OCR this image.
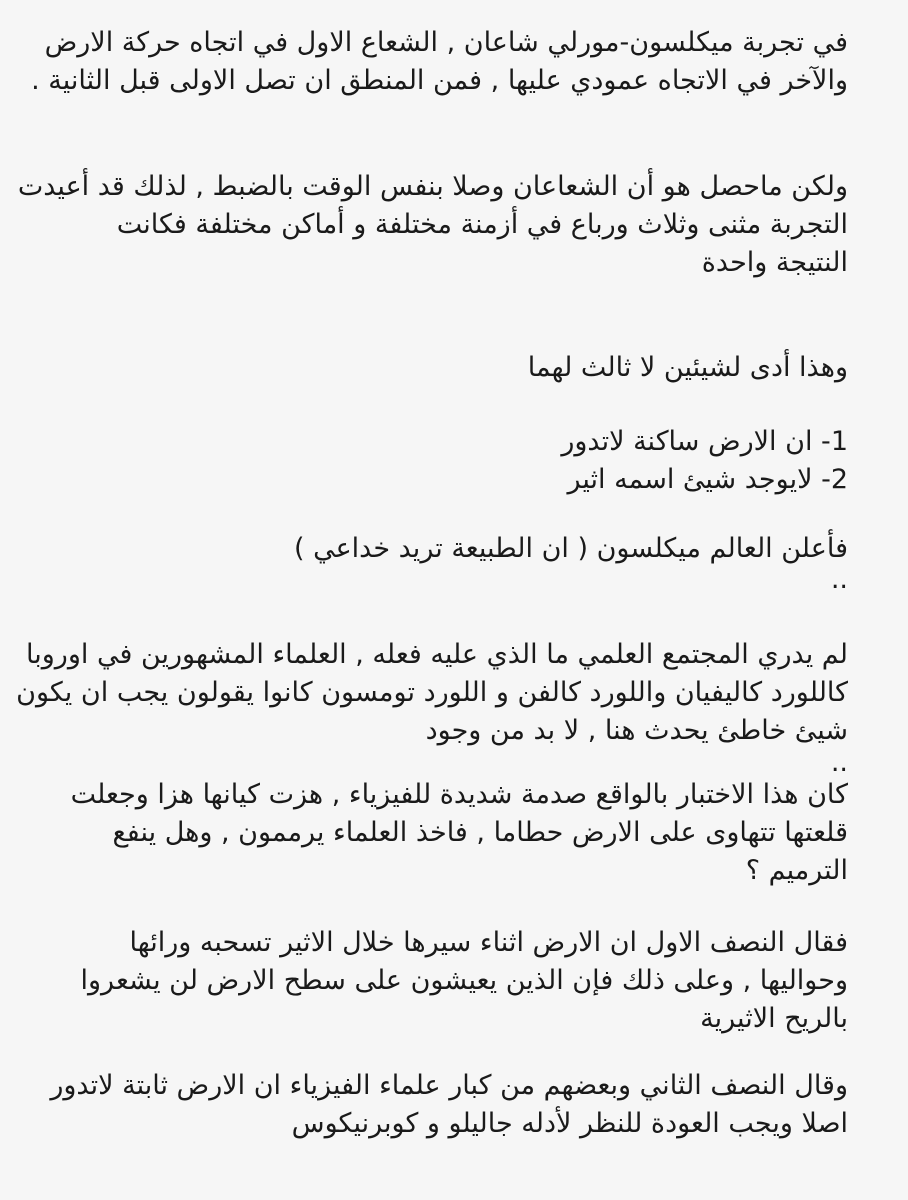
في تجربة ميكلسون-مورلي شاعان , الشعاع الاول في اتجاه حركة الارض
والآخر في الاتجاه عمودي عليها , فمن المنطق ان تصل الاولى قبل الثانية .
ولكن ماحصل هو أن الشعاعان وصلا بنفس الوقت بالضبط , لذلك قد أعيدت
التجربة مثنى وثلاث ورباع في أزمنة مختلفة و أماكن مختلفة فكانت
النتيجة واحدة
وهذا أدى لشيئين لا ثالث لهما
1- ان الارض ساكنة لاتدور
2- لايوجد شيئ اسمه اثير
فأعلن العالم ميكلسون ( ان الطبيعة تريد خداعي )
..
لم يدري المجتمع العلمي ما الذي عليه فعله , العلماء المشهورين في اوروبا
كاللورد كاليفيان واللورد كالفن و اللورد تومسون كانوا يقولون يجب ان يكون
شيئ خاطئ يحدث هنا , لا بد من وجود
..
كان هذا الاختبار بالواقع صدمة شديدة للفيزياء , هزت كيانها هزا وجعلت
قلعتها تتهاوى على الارض حطاما , فاخذ العلماء يرممون , وهل ينفع
الترميم ؟
فقال النصف الاول ان الارض اثناء سيرها خلال الاثير تسحبه ورائها
وحواليها , وعلى ذلك فإن الذين يعيشون على سطح الارض لن يشعروا
بالريح الاثيرية
وقال النصف الثاني وبعضهم من كبار علماء الفيزياء ان الارض ثابتة لاتدور
اصلا ويجب العودة للنظر لأدله جاليلو و كوبرنيكوس
